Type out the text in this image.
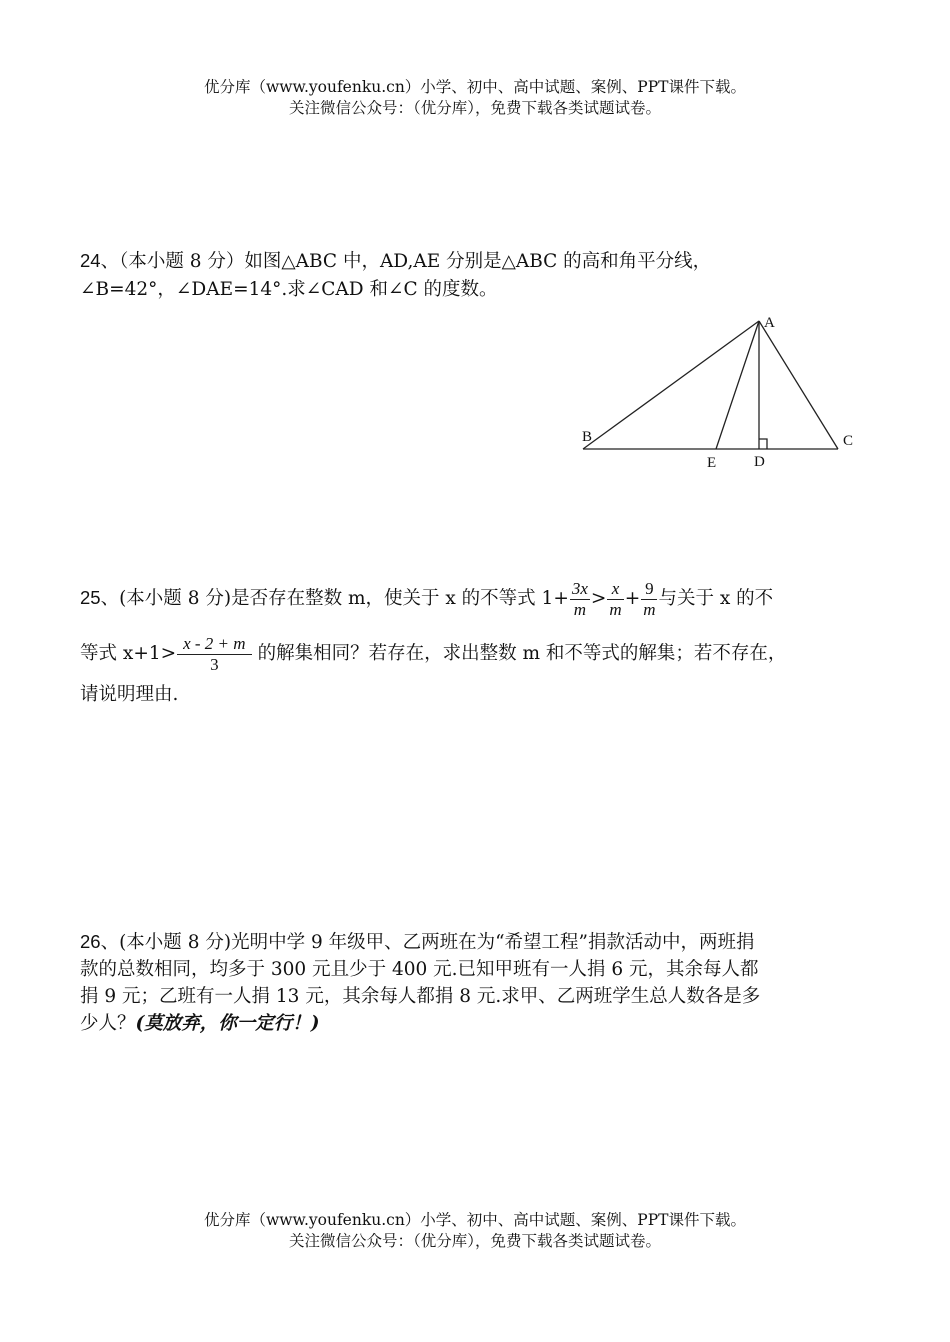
优分库（www.youfenku.cn）小学、初中、高中试题、案例、PPT课件下载。
关注微信公众号：（优分库），免费下载各类试题试卷。
24、（本小题 8 分）如图△ABC 中，AD,AE 分别是△ABC 的高和角平分线，
∠B=42°，∠DAE=14°.求∠CAD 和∠C 的度数。
A
B	C
D
E
25、(本小题 8 分)是否存在整数 m，使关于 x 的不等式 $1+ \frac{3x}{m} > \frac{x}{m} + \frac{9}{m}$ 与关于 x 的不
等式 $x+1> \frac{x - 2 + m}{3}$ 的解集相同？若存在，求出整数 m 和不等式的解集；若不存在，
请说明理由.
26、(本小题 8 分)光明中学 9 年级甲、乙两班在为“希望工程”捐款活动中，两班捐
款的总数相同，均多于 300 元且少于 400 元.已知甲班有一人捐 6 元，其余每人都
捐 9 元；乙班有一人捐 13 元，其余每人都捐 8 元.求甲、乙两班学生总人数各是多
少人？(莫放弃，你一定行！)
优分库（www.youfenku.cn）小学、初中、高中试题、案例、PPT课件下载。
关注微信公众号：（优分库），免费下载各类试题试卷。
